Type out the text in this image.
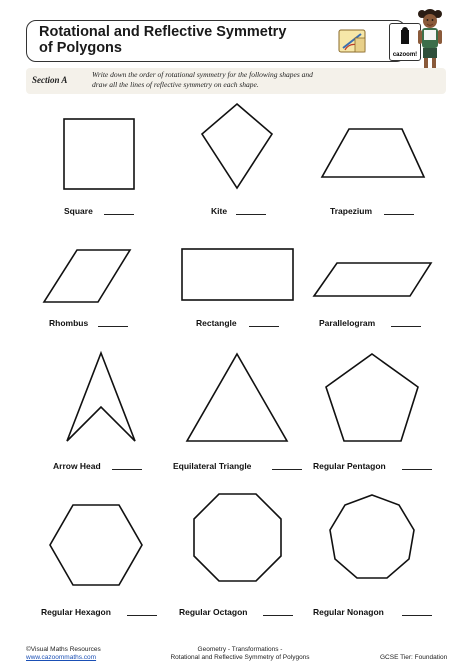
Rotational and Reflective Symmetry
of Polygons	cazoom!
Section A
Write down the order of rotational symmetry for the following shapes and
draw all the lines of reflective symmetry on each shape.
Square	Kite	Trapezium
Rhombus	Rectangle	Parallelogram
Arrow Head	Equilateral Triangle	Regular Pentagon
Regular Hexagon	Regular Octagon	Regular Nonagon
©Visual Maths Resources
www.cazoommaths.com
Geometry - Transformations -
Rotational and Reflective Symmetry of Polygons	GCSE Tier: Foundation
